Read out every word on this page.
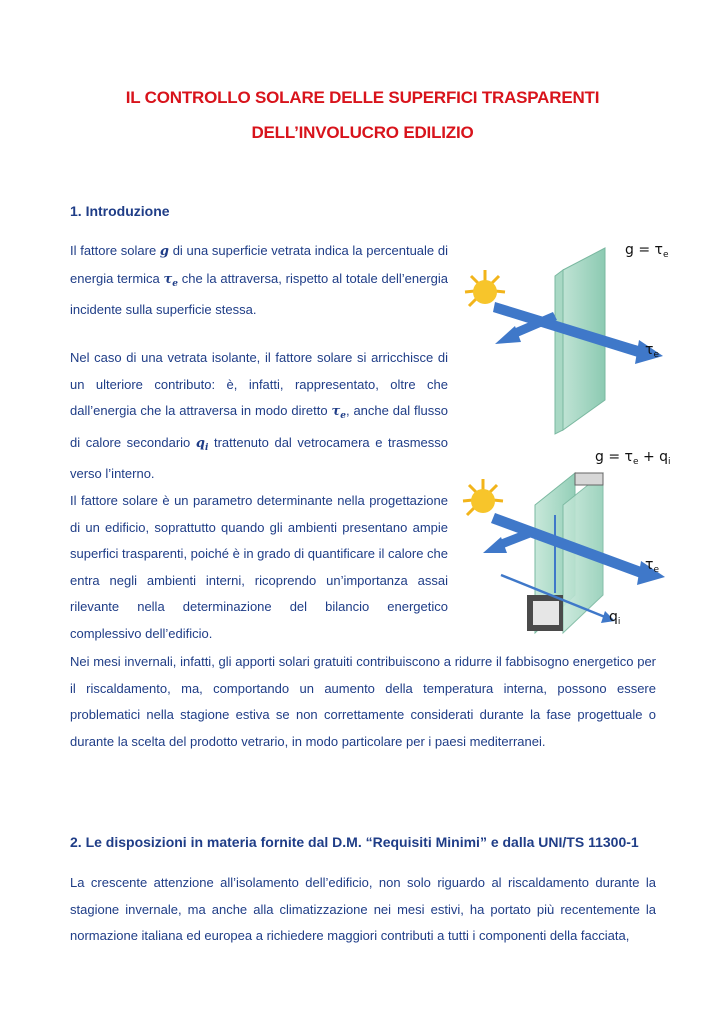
IL CONTROLLO SOLARE DELLE SUPERFICI TRASPARENTI
DELL’INVOLUCRO EDILIZIO
1. Introduzione
Il fattore solare g di una superficie vetrata indica la percentuale di energia termica $\tau_e$ che la attraversa, rispetto al totale dell’energia incidente sulla superficie stessa.
Nel caso di una vetrata isolante, il fattore solare si arricchisce di un ulteriore contributo: è, infatti, rappresentato, oltre che dall’energia che la attraversa in modo diretto $\tau_e$, anche dal flusso di calore secondario $q_i$ trattenuto dal vetrocamera e trasmesso verso l’interno.
Il fattore solare è un parametro determinante nella progettazione di un edificio, soprattutto quando gli ambienti presentano ampie superfici trasparenti, poiché è in grado di quantificare il calore che entra negli ambienti interni, ricoprendo un’importanza assai rilevante nella determinazione del bilancio energetico complessivo dell’edificio.
Nei mesi invernali, infatti, gli apporti solari gratuiti contribuiscono a ridurre il fabbisogno energetico per il riscaldamento, ma, comportando un aumento della temperatura interna, possono essere problematici nella stagione estiva se non correttamente considerati durante la fase progettuale o durante la scelta del prodotto vetrario, in modo particolare per i paesi mediterranei.
2. Le disposizioni in materia fornite dal D.M. “Requisiti Minimi” e dalla UNI/TS 11300-1
La crescente attenzione all’isolamento dell’edificio, non solo riguardo al riscaldamento durante la stagione invernale, ma anche alla climatizzazione nei mesi estivi, ha portato più recentemente la normazione italiana ed europea a richiedere maggiori contributi a tutti i componenti della facciata,
$g = \tau_e$
$\tau_e$
$g = \tau_e + q_i$
$\tau_e$
$q_i$
